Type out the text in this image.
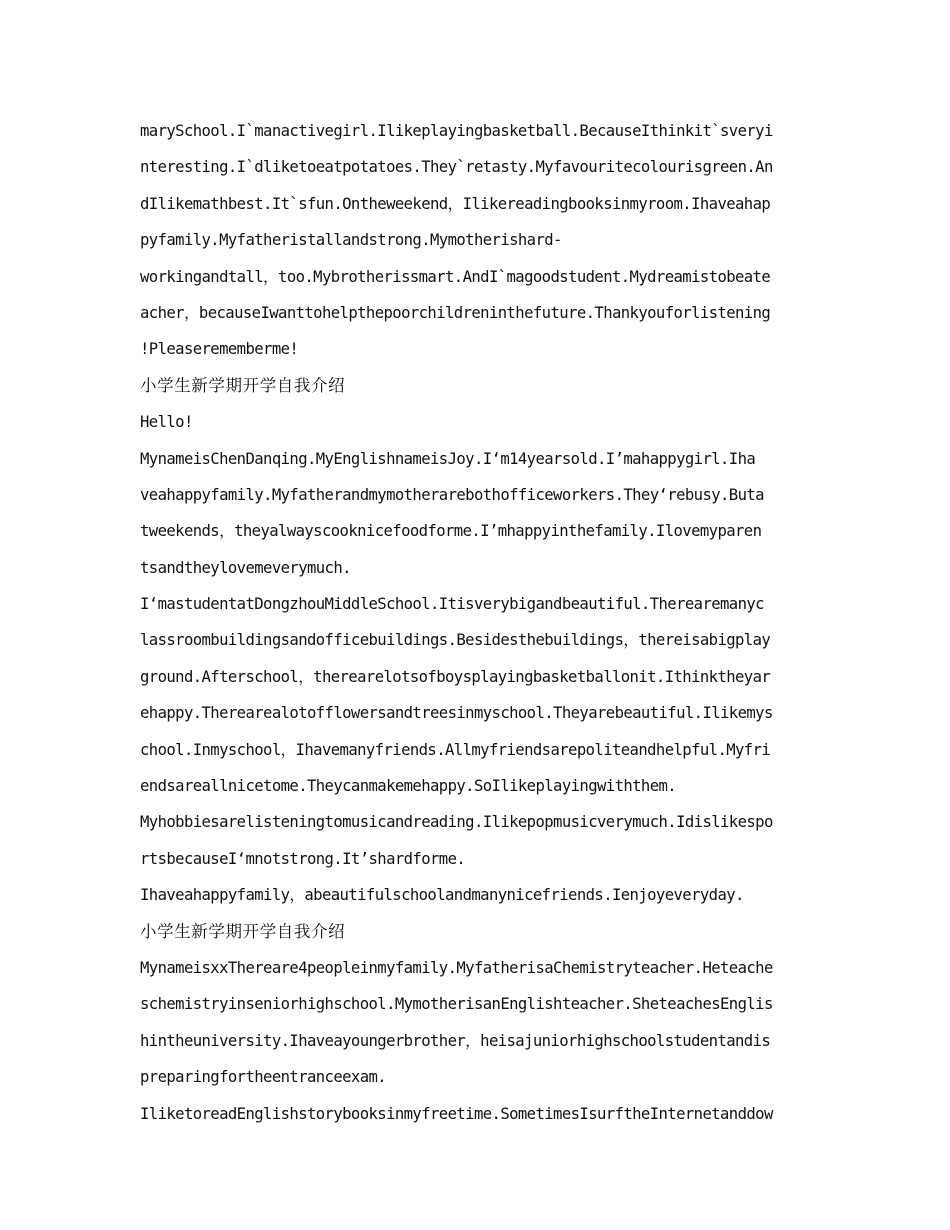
marySchool.I`manactivegirl.Ilikeplayingbasketball.BecauseIthinkit`sveryi
nteresting.I`dliketoeatpotatoes.They`retasty.Myfavouritecolourisgreen.An
dIlikemathbest.It`sfun.Ontheweekend，Ilikereadingbooksinmyroom.Ihaveahap
pyfamily.Myfatheristallandstrong.Mymotherishard-
workingandtall，too.Mybrotherissmart.AndI`magoodstudent.Mydreamistobeate
acher，becauseIwanttohelpthepoorchildreninthefuture.Thankyouforlistening
!Pleaserememberme!
小学生新学期开学自我介绍
Hello!
MynameisChenDanqing.MyEnglishnameisJoy.I‘m14yearsold.I’mahappygirl.Iha
veahappyfamily.Myfatherandmymotherarebothofficeworkers.They‘rebusy.Buta
tweekends，theyalwayscooknicefoodforme.I’mhappyinthefamily.Ilovemyparen
tsandtheylovemeverymuch.
I‘mastudentatDongzhouMiddleSchool.Itisverybigandbeautiful.Therearemanyc
lassroombuildingsandofficebuildings.Besidesthebuildings，thereisabigplay
ground.Afterschool，therearelotsofboysplayingbasketballonit.Ithinktheyar
ehappy.Therearealotofflowersandtreesinmyschool.Theyarebeautiful.Ilikemys
chool.Inmyschool，Ihavemanyfriends.Allmyfriendsarepoliteandhelpful.Myfri
endsareallnicetome.Theycanmakemehappy.SoIlikeplayingwiththem.
Myhobbiesarelisteningtomusicandreading.Ilikepopmusicverymuch.Idislikespo
rtsbecauseI‘mnotstrong.It’shardforme.
Ihaveahappyfamily，abeautifulschoolandmanynicefriends.Ienjoyeveryday.
小学生新学期开学自我介绍
MynameisxxThereare4peopleinmyfamily.MyfatherisaChemistryteacher.Heteache
schemistryinseniorhighschool.MymotherisanEnglishteacher.SheteachesEnglis
hintheuniversity.Ihaveayoungerbrother，heisajuniorhighschoolstudentandis
preparingfortheentranceexam.
IliketoreadEnglishstorybooksinmyfreetime.SometimesIsurftheInternetanddow
